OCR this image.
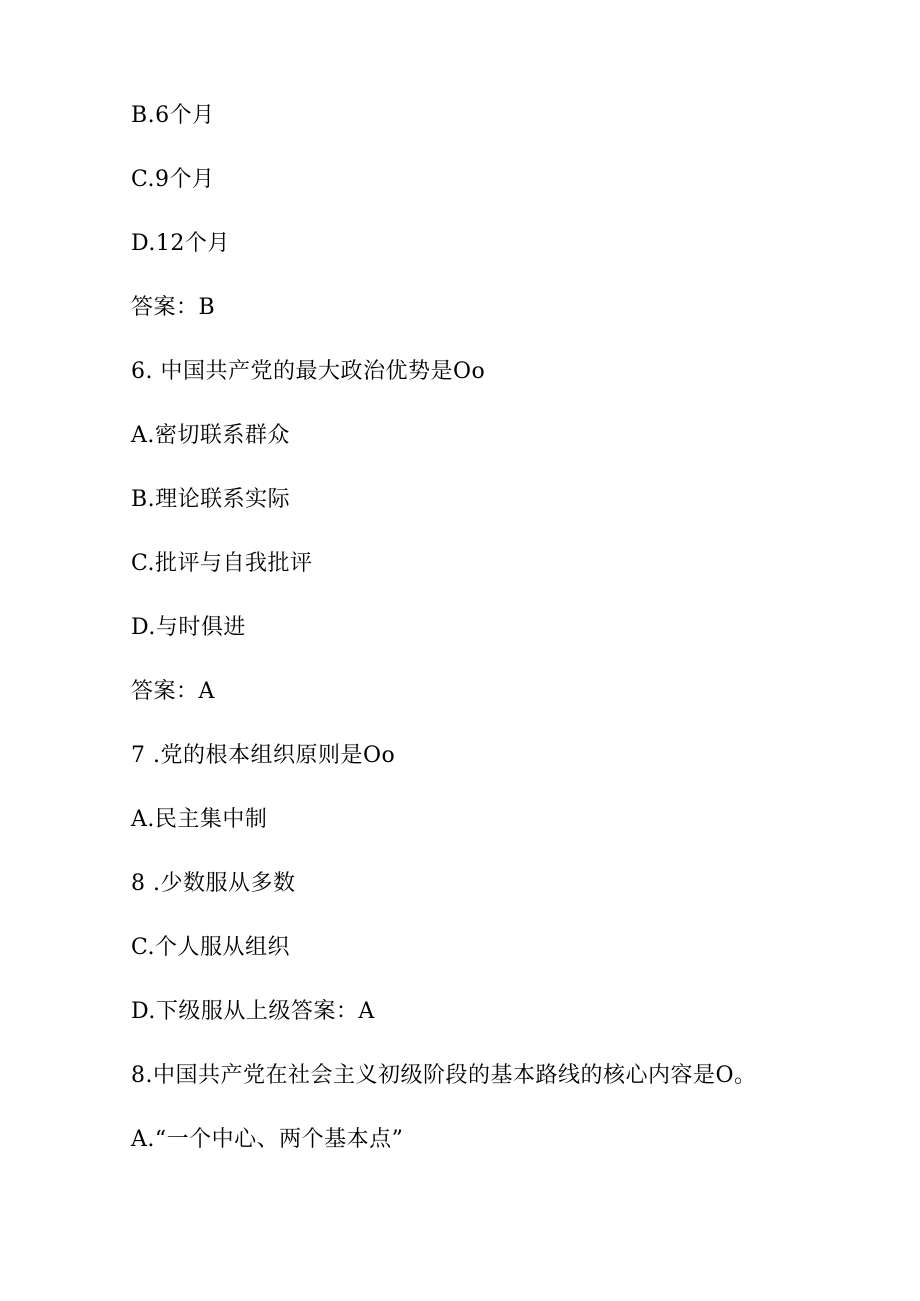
B.6个月
C.9个月
D.12个月
答案：B
6. 中国共产党的最大政治优势是Oo
A.密切联系群众
B.理论联系实际
C.批评与自我批评
D.与时俱进
答案：A
7 .党的根本组织原则是Oo
A.民主集中制
8 .少数服从多数
C.个人服从组织
D.下级服从上级答案：A
8.中国共产党在社会主义初级阶段的基本路线的核心内容是O。
A.“一个中心、两个基本点”
